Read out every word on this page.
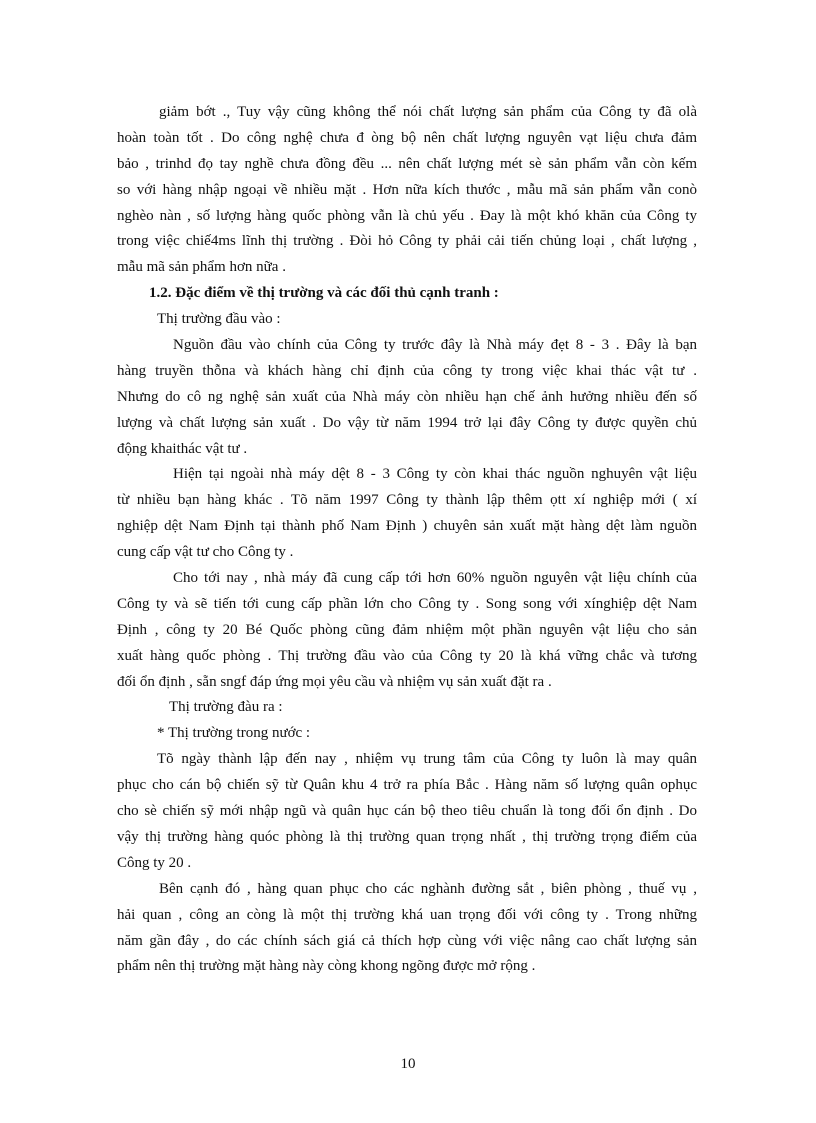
giảm bớt ., Tuy vậy cũng không thể nói chất lượng sản phẩm của Công ty đã olà
hoàn toàn tốt . Do công nghệ chưa đ òng bộ nên chất lượng nguyên vạt liệu chưa đảm
bảo , trinhd đọ tay nghề chưa đồng đều ... nên chất lượng mét sè sản phẩm vẫn còn kếm
so với hàng nhập ngoại về nhiều mặt . Hơn nữa kích thước , mẫu mã sản phẩm vẫn conò
nghèo nàn , số lượng hàng quốc phòng vẫn là chủ yếu . Đay là một khó khăn của Công ty
trong việc chiế4ms lĩnh thị trường . Đòi hỏ Công ty phải cải tiến chủng loại , chất lượng ,
mẫu mã sản phẩm hơn nữa .
1.2. Đặc điểm về thị trường và các đối thủ cạnh tranh :
Thị trường đầu vào :
Nguồn đầu vào chính của Công ty trước đây là Nhà máy đẹt 8 - 3 . Đây là bạn
hàng truyền thỗna và khách hàng chỉ định của công ty trong việc khai thác vật tư .
Nhưng do cô ng nghệ sản xuất của Nhà máy còn nhiều hạn chế ảnh hưởng nhiều đến số
lượng và chất lượng sản xuất . Do vậy từ năm 1994 trở lại đây Công ty được quyền chủ
động khaithác vật tư .
Hiện tại ngoài nhà máy dệt 8 - 3 Công ty còn khai thác nguồn nghuyên vật liệu
từ nhiều bạn hàng khác . Tõ năm 1997 Công ty thành lập thêm ọtt xí nghiệp mới ( xí
nghiệp dệt Nam Định tại thành phố Nam Định ) chuyên sản xuất mặt hàng dệt làm nguồn
cung cấp vật tư cho Công ty .
Cho tới nay , nhà máy đã cung cấp tới hơn 60% nguồn nguyên vật liệu chính của
Công ty và sẽ tiến tới cung cấp phần lớn cho Công ty . Song song với xínghiệp dệt Nam
Định , công ty 20 Bé Quốc phòng cũng đảm nhiệm một phần nguyên vật liệu cho sản
xuất hàng quốc phòng . Thị trường đầu vào của Công ty 20 là khá vững chắc và tương
đối ổn định , sẵn sngf đáp ứng mọi yêu cầu và nhiệm vụ sản xuất đặt ra .
Thị trường đàu ra :
* Thị trường trong nước :
Tõ ngày thành lập đến nay , nhiệm vụ trung tâm của Công ty luôn là may quân
phục cho cán bộ chiến sỹ từ Quân khu 4 trở ra phía Bắc . Hàng năm số lượng quân ophục
cho sè chiến sỹ mới nhập ngũ và quân hục cán bộ theo tiêu chuẩn là tong đối ổn định . Do
vậy thị trường hàng quóc phòng là thị trường quan trọng nhất , thị trường trọng điểm của
Công ty 20 .
Bên cạnh đó , hàng quan phục cho các nghành đường sắt , biên phòng , thuế vụ ,
hải quan , công an còng là một thị trường khá uan trọng đối với công ty . Trong những
năm gần đây , do các chính sách giá cả thích hợp cùng với việc nâng cao chất lượng sản
phẩm nên thị trường mặt hàng này còng khong ngõng được mở rộng .
10
